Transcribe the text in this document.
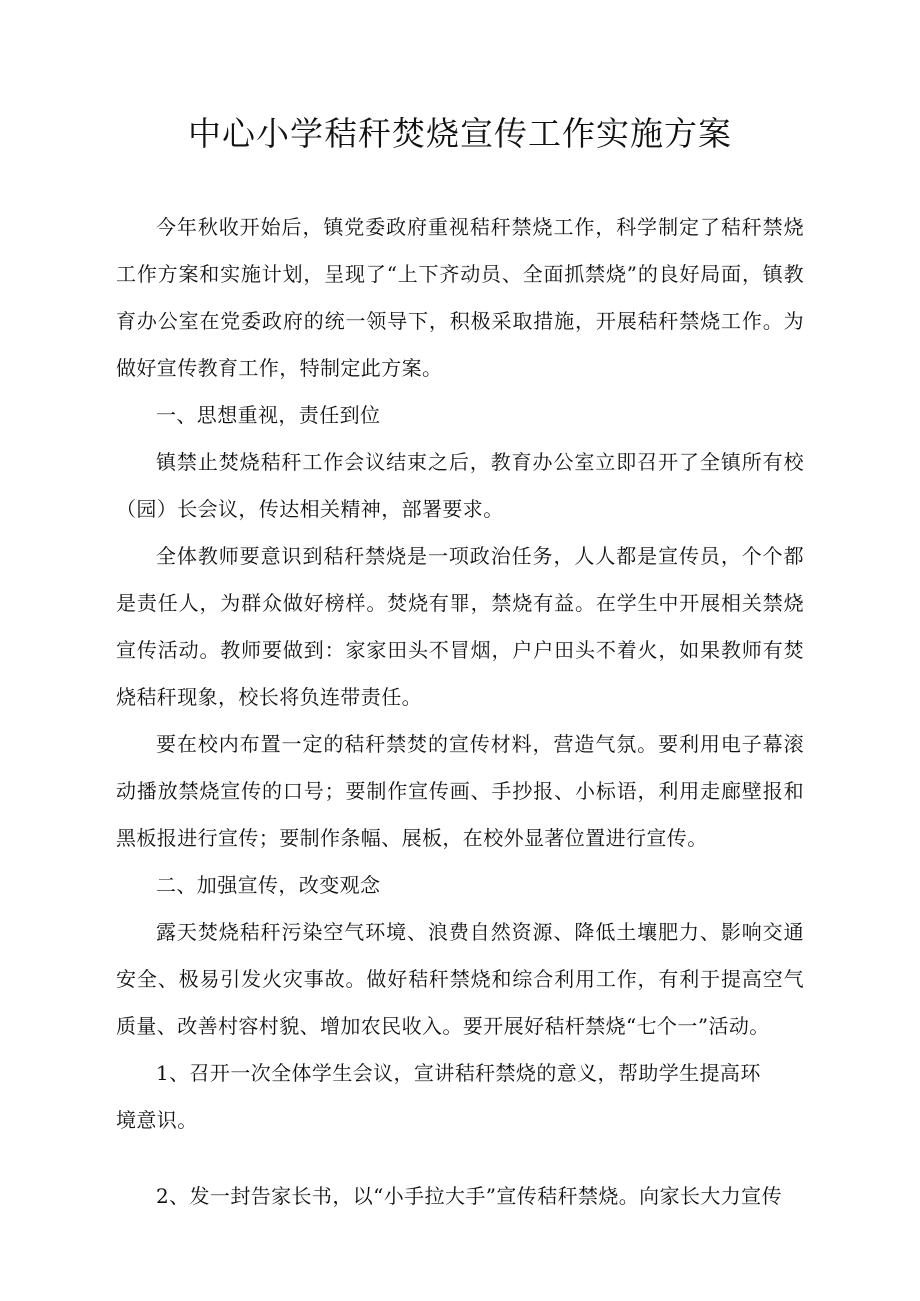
中心小学秸秆焚烧宣传工作实施方案

今年秋收开始后，镇党委政府重视秸秆禁烧工作，科学制定了秸秆禁烧工作方案和实施计划，呈现了“上下齐动员、全面抓禁烧”的良好局面，镇教育办公室在党委政府的统一领导下，积极采取措施，开展秸秆禁烧工作。为做好宣传教育工作，特制定此方案。

一、思想重视，责任到位

镇禁止焚烧秸秆工作会议结束之后，教育办公室立即召开了全镇所有校（园）长会议，传达相关精神，部署要求。

全体教师要意识到秸秆禁烧是一项政治任务，人人都是宣传员，个个都是责任人，为群众做好榜样。焚烧有罪，禁烧有益。在学生中开展相关禁烧宣传活动。教师要做到：家家田头不冒烟，户户田头不着火，如果教师有焚烧秸秆现象，校长将负连带责任。

要在校内布置一定的秸秆禁焚的宣传材料，营造气氛。要利用电子幕滚动播放禁烧宣传的口号；要制作宣传画、手抄报、小标语，利用走廊壁报和黑板报进行宣传；要制作条幅、展板，在校外显著位置进行宣传。

二、加强宣传，改变观念

露天焚烧秸秆污染空气环境、浪费自然资源、降低土壤肥力、影响交通安全、极易引发火灾事故。做好秸秆禁烧和综合利用工作，有利于提高空气质量、改善村容村貌、增加农民收入。要开展好秸杆禁烧“七个一”活动。

1、召开一次全体学生会议，宣讲秸秆禁烧的意义，帮助学生提高环

境意识。

2、发一封告家长书，以“小手拉大手”宣传秸秆禁烧。向家长大力宣传
